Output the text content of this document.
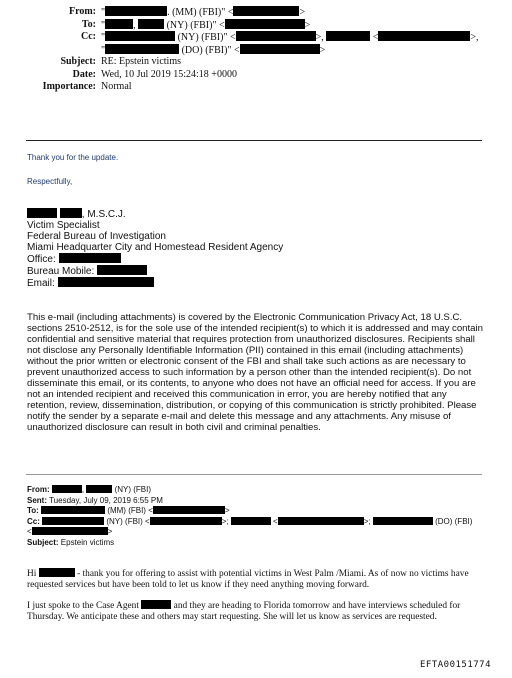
From: "	. (MM) (FBI)" <	>
To: "	,	(NY) (FBI)" <	>
Cc: "	(NY) (FBI)" <	>,	<	>,
"	(DO) (FBI)" <	>
Subject: RE: Epstein victims
Date: Wed, 10 Jul 2019 15:24:18 +0000
Importance: Normal
Thank you for the update.
Respectfully,
, M.S.C.J.
Victim Specialist
Federal Bureau of Investigation
Miami Headquarter City and Homestead Resident Agency
Office:
Bureau Mobile:
Email:
This e-mail (including attachments) is covered by the Electronic Communication Privacy Act, 18 U.S.C. sections 2510-2512, is for the sole use of the intended recipient(s) to which it is addressed and may contain confidential and sensitive material that requires protection from unauthorized disclosures. Recipients shall not disclose any Personally Identifiable Information (PII) contained in this email (including attachments) without the prior written or electronic consent of the FBI and shall take such actions as are necessary to prevent unauthorized access to such information by a person other than the intended recipient(s). Do not disseminate this email, or its contents, to anyone who does not have an official need for access. If you are not an intended recipient and received this communication in error, you are hereby notified that any retention, review, dissemination, distribution, or copying of this communication is strictly prohibited. Please notify the sender by a separate e-mail and delete this message and any attachments. Any misuse of unauthorized disclosure can result in both civil and criminal penalties.
From:	,	(NY) (FBI)
Sent: Tuesday, July 09, 2019 6:55 PM
To:	(MM) (FBI) <	>
Cc:	(NY) (FBI) <	>;	<	>;	(DO) (FBI)
<	>
Subject: Epstein victims
Hi	- thank you for offering to assist with potential victims in West Palm /Miami. As of now no victims have requested services but have been told to let us know if they need anything moving forward.
I just spoke to the Case Agent	and they are heading to Florida tomorrow and have interviews scheduled for Thursday. We anticipate these and others may start requesting. She will let us know as services are requested.
EFTA00151774
